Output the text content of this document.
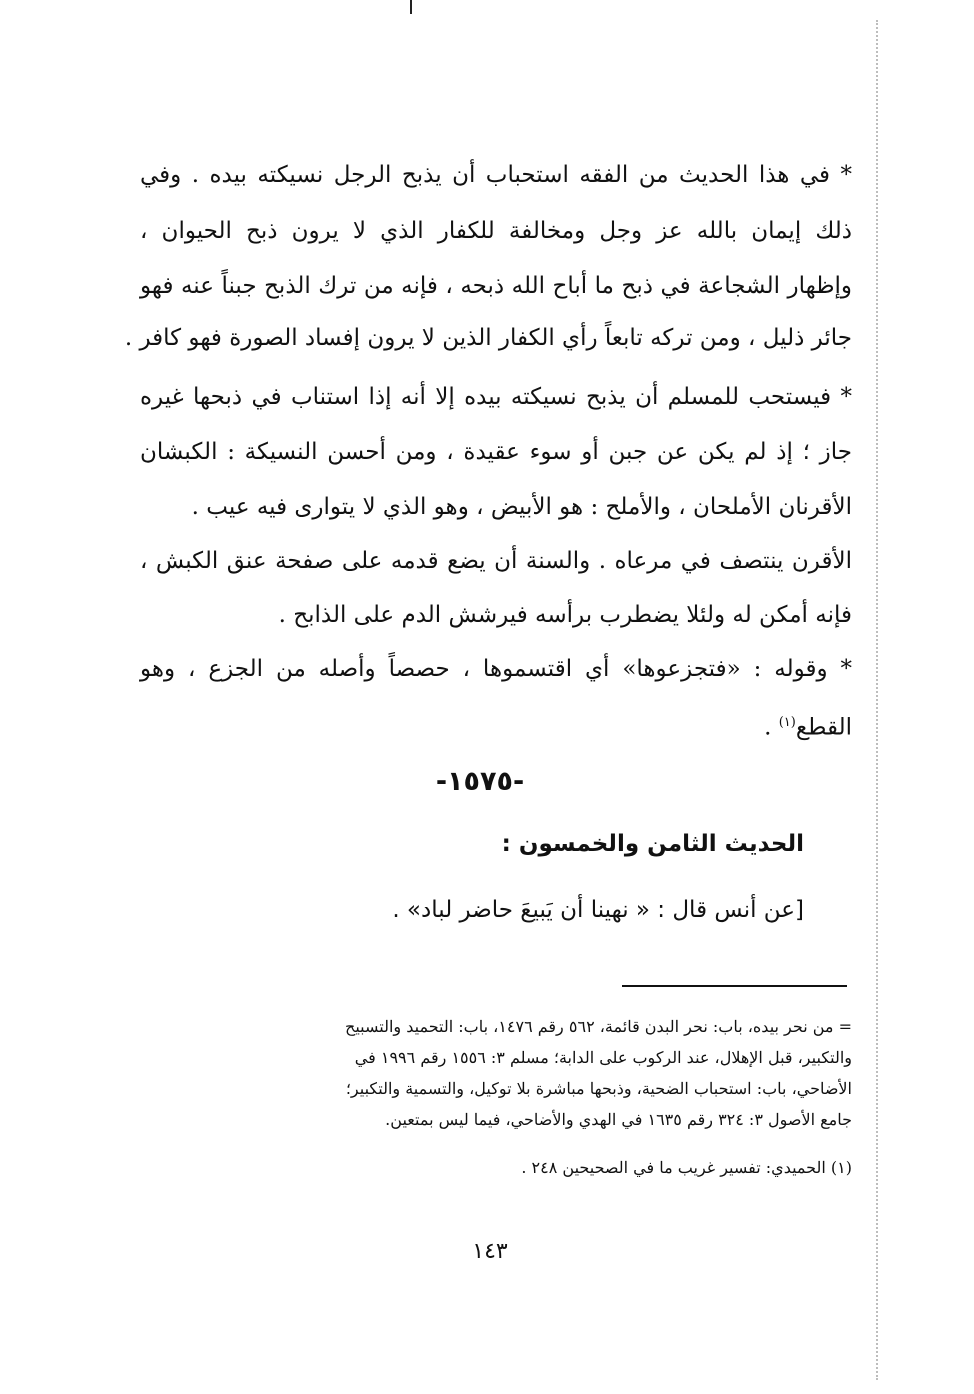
* في هذا الحديث من الفقه استحباب أن يذبح الرجل نسيكته بيده . وفي
ذلك إيمان بالله عز وجل ومخالفة للكفار الذي لا يرون ذبح الحيوان ،
وإظهار الشجاعة في ذبح ما أباح الله ذبحه ، فإنه من ترك الذبح جبناً عنه فهو
جائر ذليل ، ومن تركه تابعاً رأي الكفار الذين لا يرون إفساد الصورة فهو كافر .
* فيستحب للمسلم أن يذبح نسيكته بيده إلا أنه إذا استناب في ذبحها غيره
جاز ؛ إذ لم يكن عن جبن أو سوء عقيدة ، ومن أحسن النسيكة : الكبشان
الأقرنان الأملحان ، والأملح : هو الأبيض ، وهو الذي لا يتوارى فيه عيب .
الأقرن ينتصف في مرعاه . والسنة أن يضع قدمه على صفحة عنق الكبش ،
فإنه أمكن له ولئلا يضطرب برأسه فيرشش الدم على الذابح .
* وقوله : «فتجزعوها» أي اقتسموها ، حصصاً وأصله من الجزع ، وهو
القطع$^{(١)}$ .
-١٥٧٥-
الحديث الثامن والخمسون :
[عن أنس قال : « نهينا أن يَبيعَ حاضر لباد» .
= من نحر بيده، باب: نحر البدن قائمة، ٥٦٢ رقم ١٤٧٦، باب: التحميد والتسبيح
والتكبير، قبل الإهلال، عند الركوب على الدابة؛ مسلم ٣: ١٥٥٦ رقم ١٩٩٦ في
الأضاحي، باب: استحباب الضحية، وذبحها مباشرة بلا توكيل، والتسمية والتكبير؛
جامع الأصول ٣: ٣٢٤ رقم ١٦٣٥ في الهدي والأضاحي، فيما ليس بمتعين.
(١) الحميدي: تفسير غريب ما في الصحيحين ٢٤٨ .
١٤٣
